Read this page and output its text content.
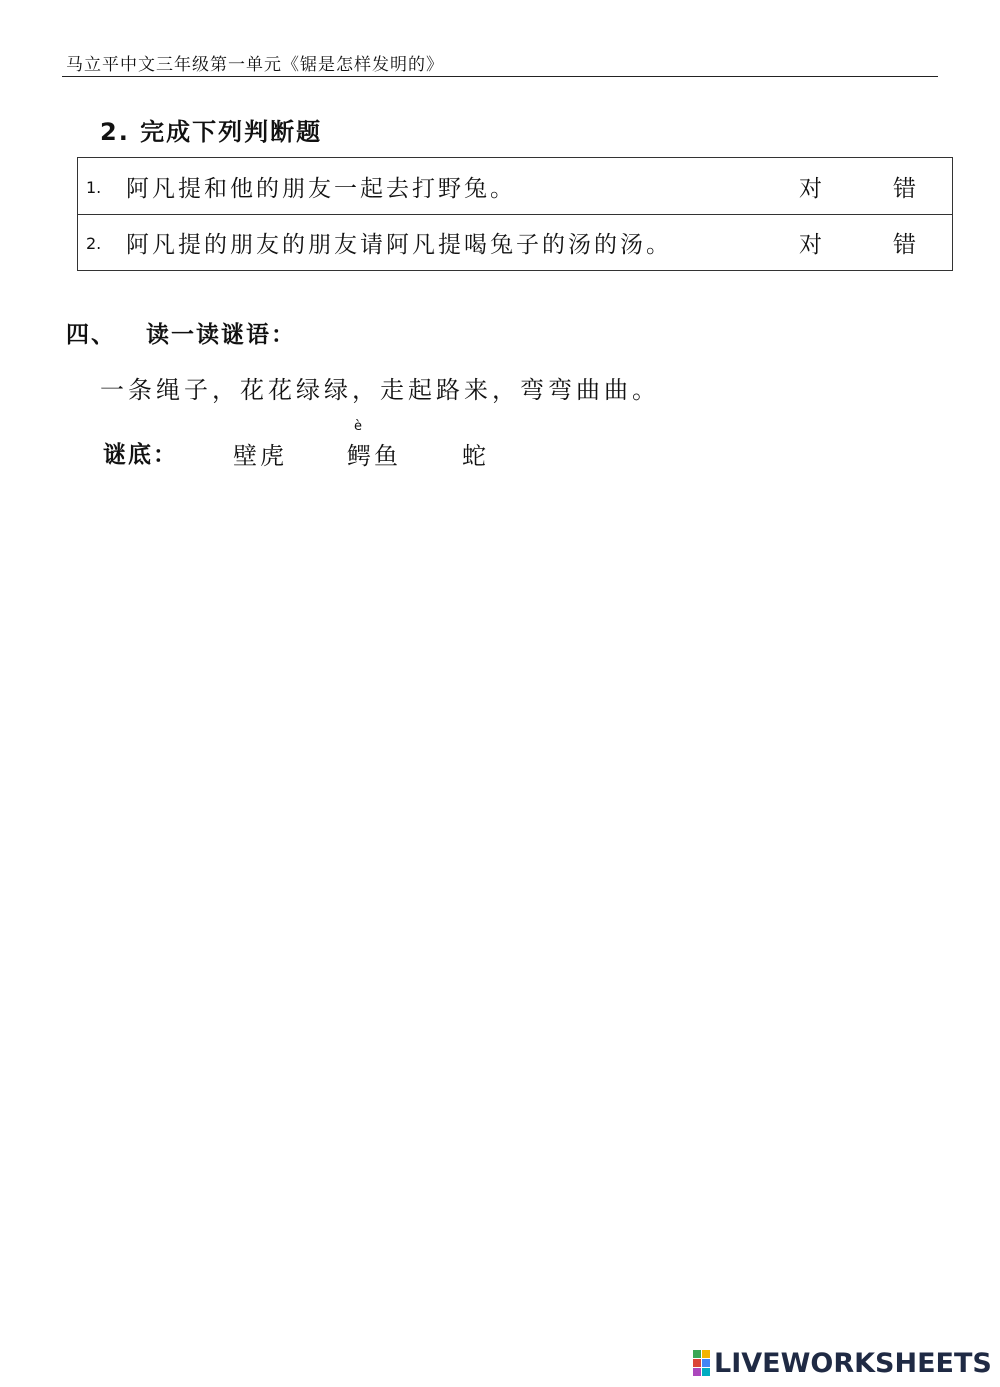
马立平中文三年级第一单元《锯是怎样发明的》
2. 完成下列判断题
1. 阿凡提和他的朋友一起去打野兔。	对	错
2. 阿凡提的朋友的朋友请阿凡提喝兔子的汤的汤。	对	错
四、 读一读谜语：
一条绳子，花花绿绿，走起路来，弯弯曲曲。
谜底： 壁虎
è
鳄鱼	蛇
LIVEWORKSHEETS
